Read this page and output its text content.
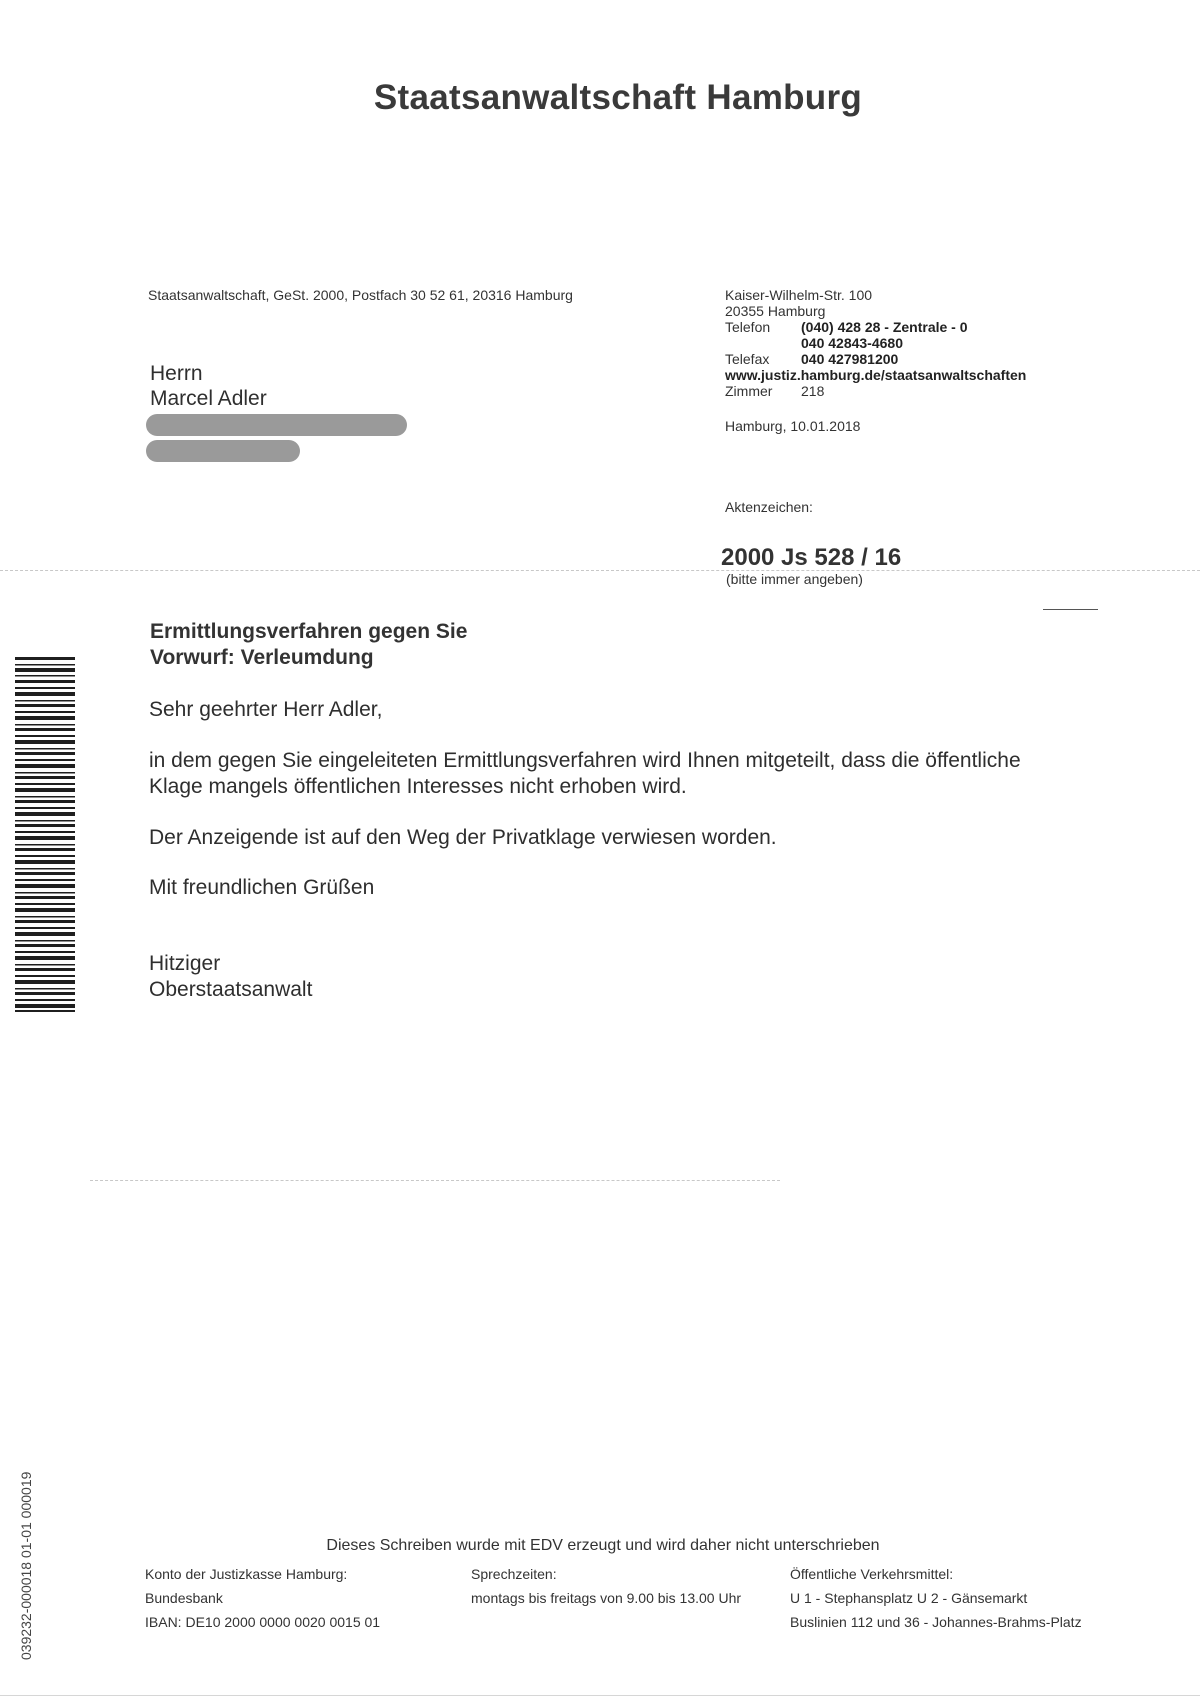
Staatsanwaltschaft Hamburg
Staatsanwaltschaft, GeSt. 2000, Postfach 30 52 61, 20316 Hamburg
Herrn
Marcel Adler
Kaiser-Wilhelm-Str. 100
20355 Hamburg
Telefon	(040) 428 28 - Zentrale - 0
040 42843-4680
Telefax	040 427981200
www.justiz.hamburg.de/staatsanwaltschaften
Zimmer	218
Hamburg, 10.01.2018
Aktenzeichen:
2000 Js 528 / 16
(bitte immer angeben)
Ermittlungsverfahren gegen Sie
Vorwurf: Verleumdung
Sehr geehrter Herr Adler,
in dem gegen Sie eingeleiteten Ermittlungsverfahren wird Ihnen mitgeteilt, dass die öffentliche
Klage mangels öffentlichen Interesses nicht erhoben wird.
Der Anzeigende ist auf den Weg der Privatklage verwiesen worden.
Mit freundlichen Grüßen
Hitziger
Oberstaatsanwalt
Dieses Schreiben wurde mit EDV erzeugt und wird daher nicht unterschrieben
Konto der Justizkasse Hamburg:
Bundesbank
IBAN: DE10 2000 0000 0020 0015 01
Sprechzeiten:
montags bis freitags von 9.00 bis 13.00 Uhr
Öffentliche Verkehrsmittel:
U 1 - Stephansplatz U 2 - Gänsemarkt
Buslinien 112 und 36 - Johannes-Brahms-Platz
039232-000018 01-01 000019
